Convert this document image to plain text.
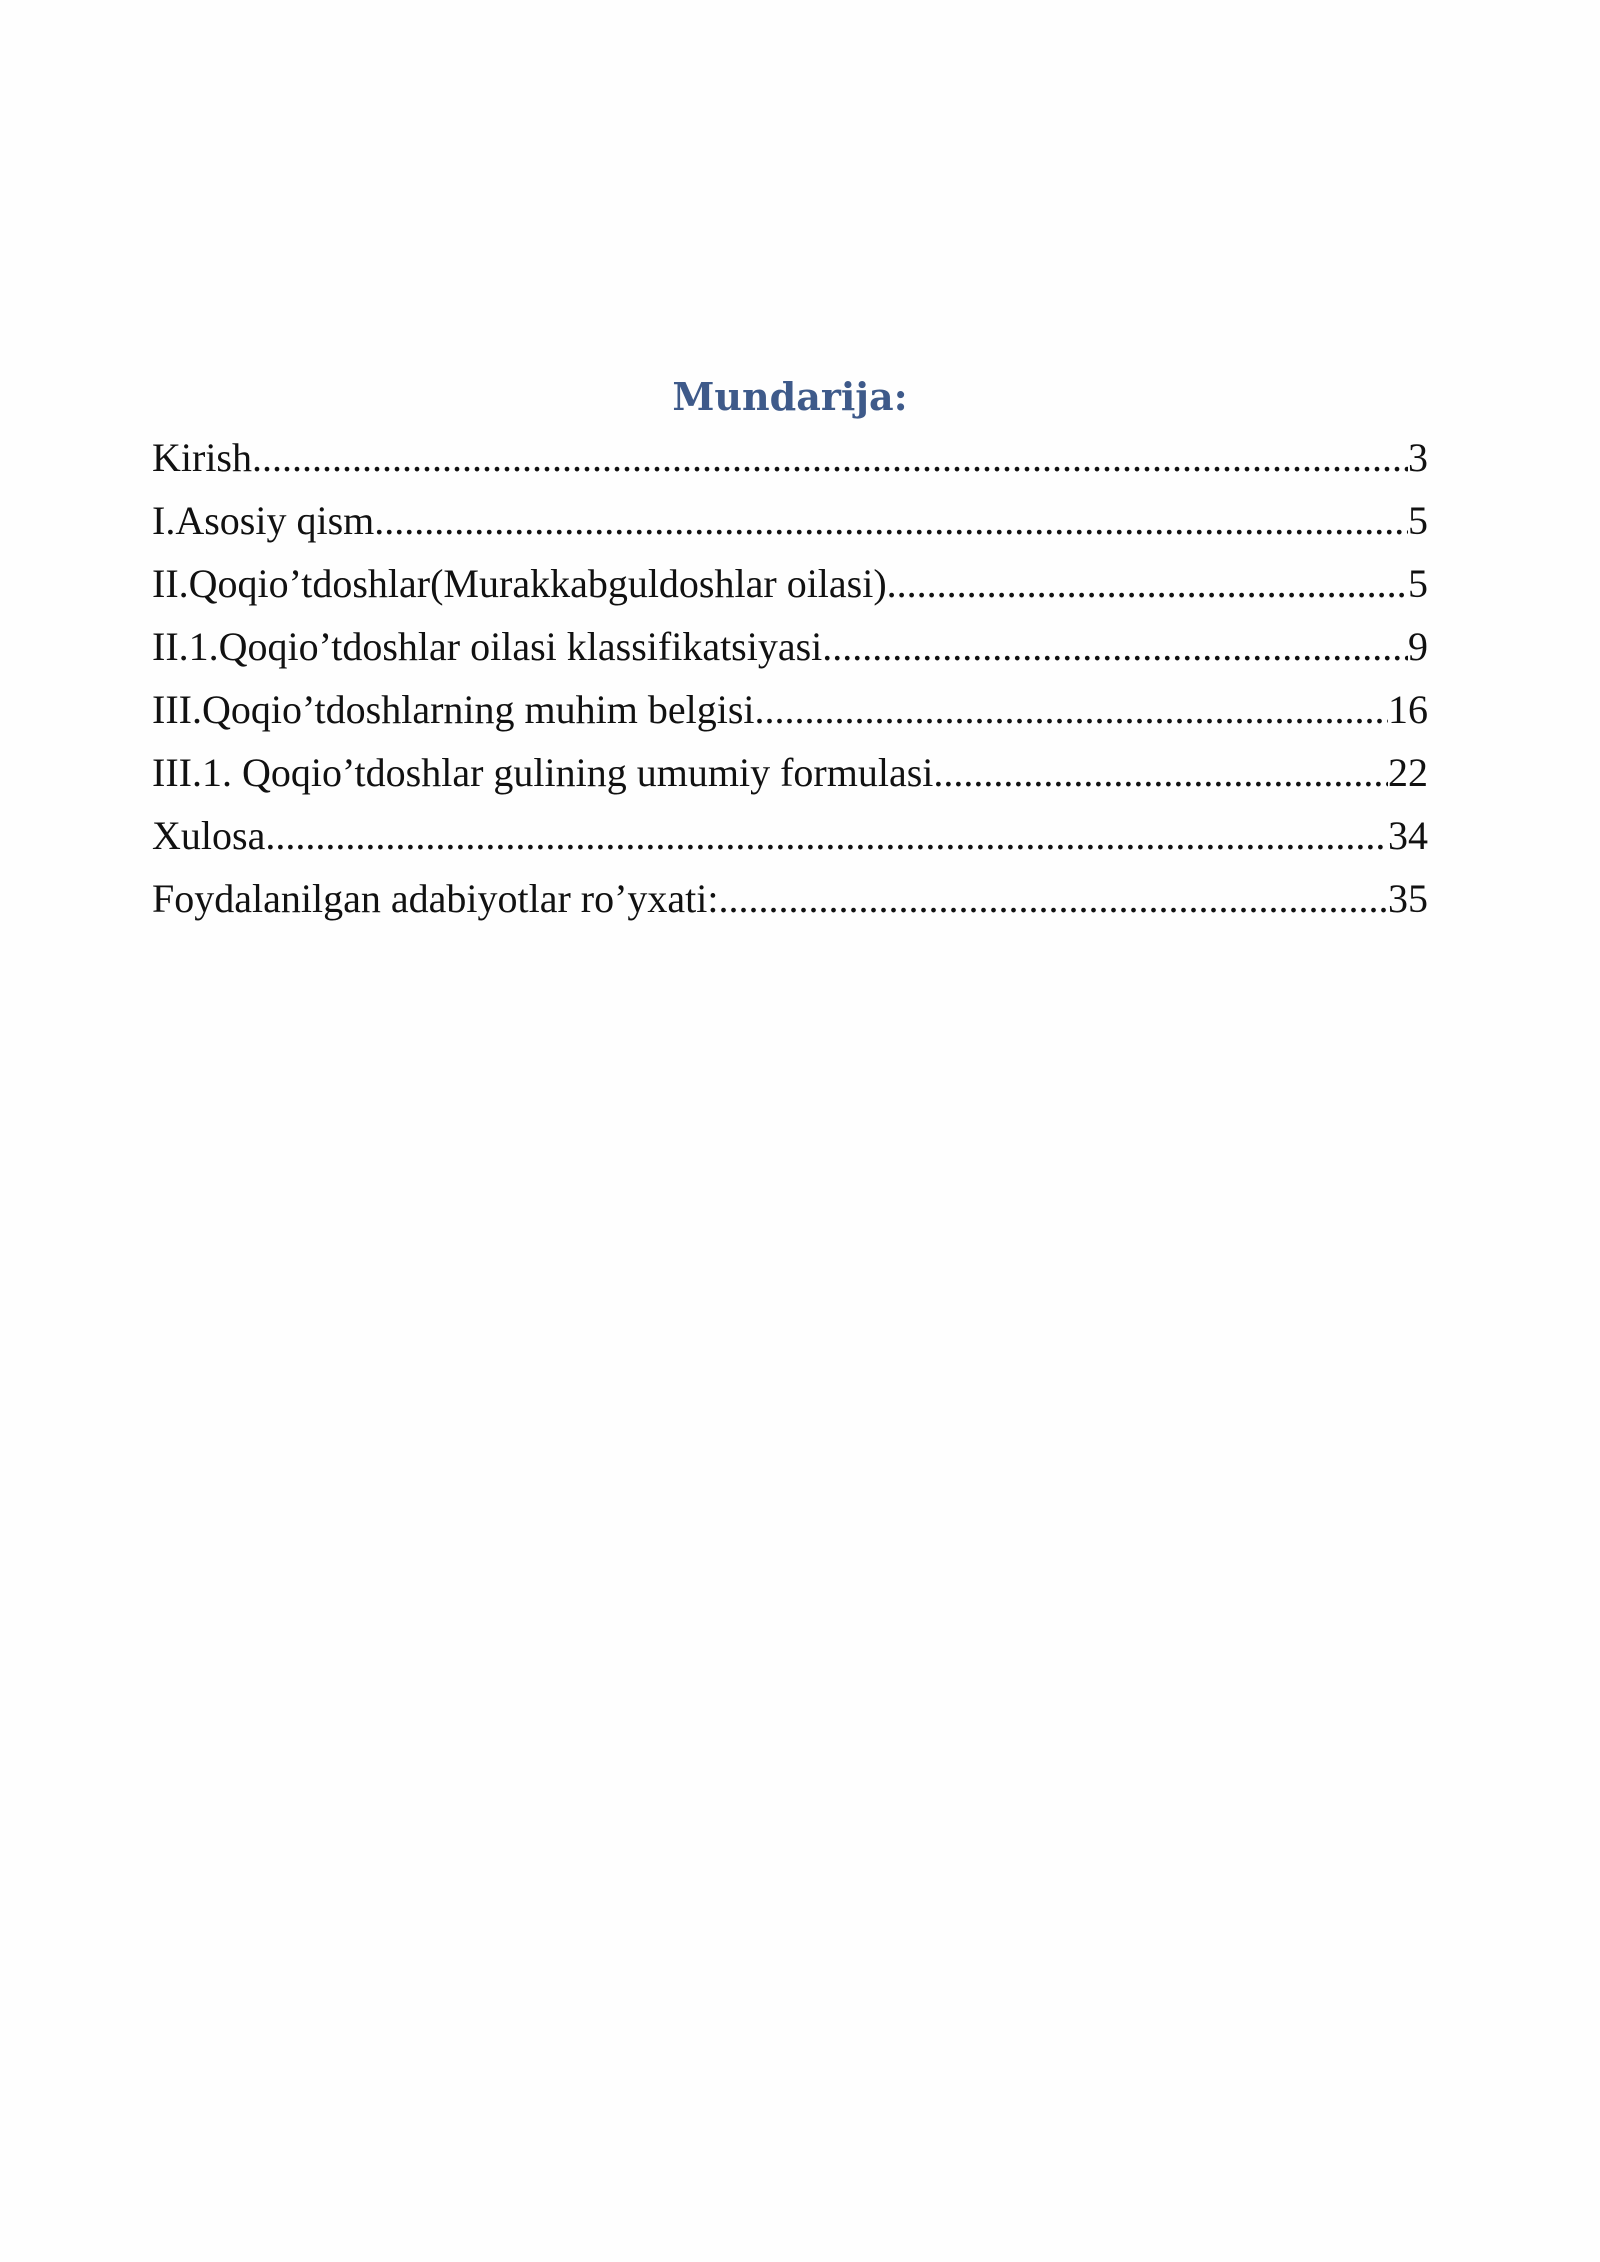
Mundarija:
Kirish .....	3
I.Asosiy qism .....	5
II.Qoqio’tdoshlar(Murakkabguldoshlar oilasi) .....	5
II.1.Qoqio’tdoshlar oilasi klassifikatsiyasi .....	9
III.Qoqio’tdoshlarning muhim belgisi .....	16
III.1. Qoqio’tdoshlar gulining umumiy formulasi .....	22
Xulosa .....	34
Foydalanilgan adabiyotlar ro’yxati: .....	35
